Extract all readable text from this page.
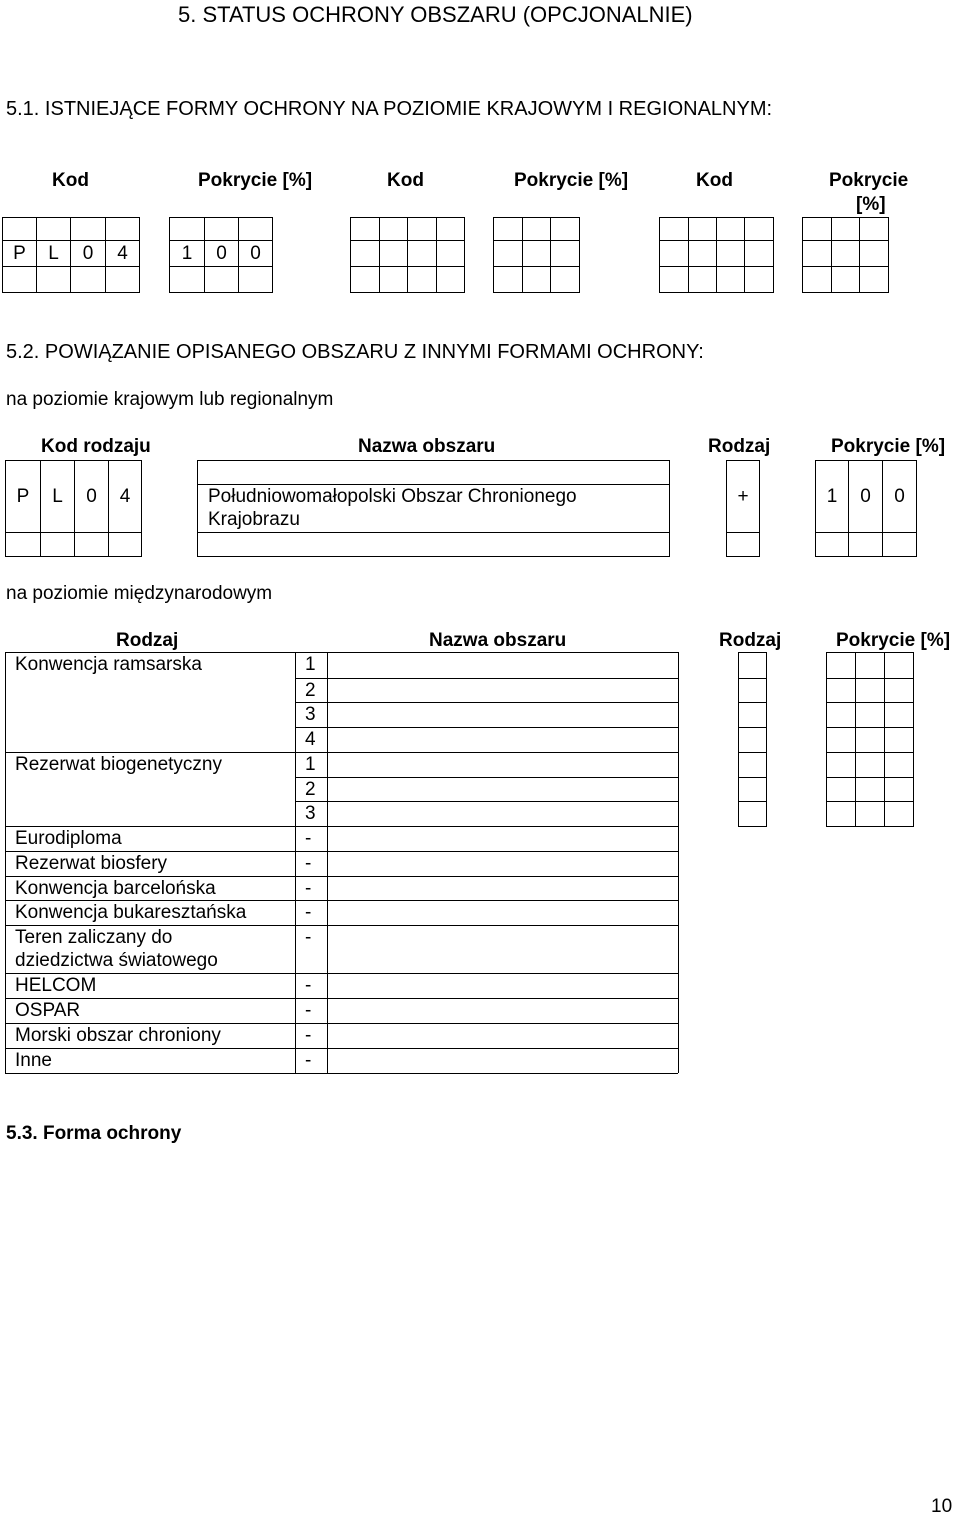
5. STATUS OCHRONY OBSZARU (OPCJONALNIE)
5.1. ISTNIEJĄCE FORMY OCHRONY NA POZIOMIE KRAJOWYM I REGIONALNYM:
Kod	Pokrycie [%]	Kod	Pokrycie [%]	Kod	Pokrycie
[%]
P	L	0	4	1	0	0
5.2. POWIĄZANIE OPISANEGO OBSZARU Z INNYMI FORMAMI OCHRONY:
na poziomie krajowym lub regionalnym
Kod rodzaju	Nazwa obszaru	Rodzaj	Pokrycie [%]
P	L	0	4	Południowomałopolski Obszar Chronionego
Krajobrazu
+	1	0	0
na poziomie międzynarodowym
Rodzaj	Nazwa obszaru	Rodzaj	Pokrycie [%]
Konwencja ramsarska	1
2
3
4
Rezerwat biogenetyczny	1
2
3
Eurodiploma	-
Rezerwat biosfery	-
Konwencja barcelońska	-
Konwencja bukaresztańska	-
Teren zaliczany do
dziedzictwa światowego
-
HELCOM	-
OSPAR	-
Morski obszar chroniony	-
Inne	-
5.3. Forma ochrony
10
